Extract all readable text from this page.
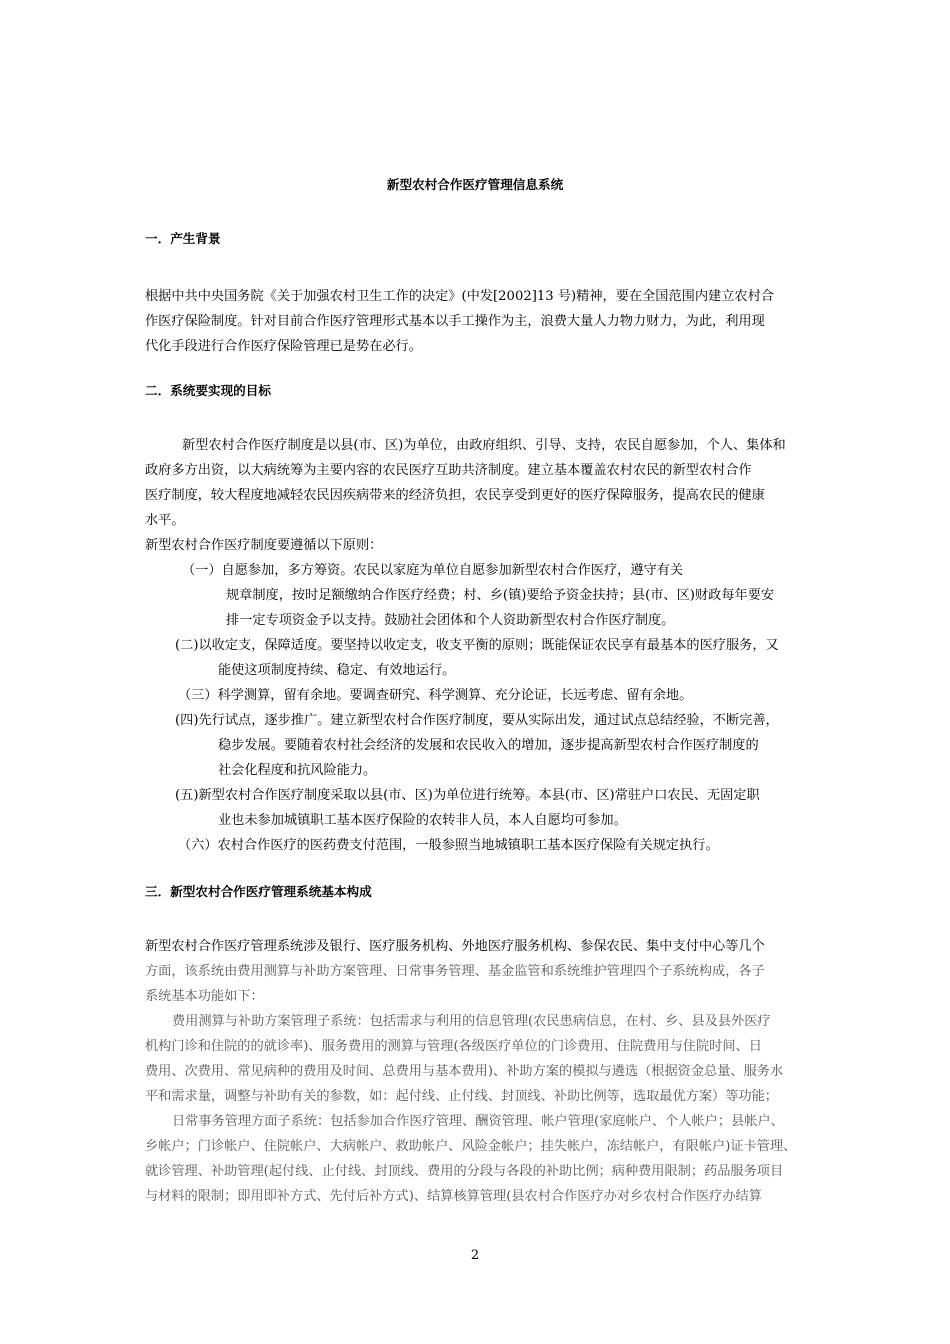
新型农村合作医疗管理信息系统
一．产生背景
根据中共中央国务院《关于加强农村卫生工作的决定》(中发[2002]13 号)精神，要在全国范围内建立农村合
作医疗保险制度。针对目前合作医疗管理形式基本以手工操作为主，浪费大量人力物力财力，为此，利用现
代化手段进行合作医疗保险管理已是势在必行。
二．系统要实现的目标
新型农村合作医疗制度是以县(市、区)为单位，由政府组织、引导、支持，农民自愿参加，个人、集体和
政府多方出资，以大病统筹为主要内容的农民医疗互助共济制度。建立基本覆盖农村农民的新型农村合作
医疗制度，较大程度地减轻农民因疾病带来的经济负担，农民享受到更好的医疗保障服务，提高农民的健康
水平。
新型农村合作医疗制度要遵循以下原则：
（一）自愿参加，多方筹资。农民以家庭为单位自愿参加新型农村合作医疗，遵守有关
规章制度，按时足额缴纳合作医疗经费；村、乡(镇)要给予资金扶持；县(市、区)财政每年要安
排一定专项资金予以支持。鼓励社会团体和个人资助新型农村合作医疗制度。
(二)以收定支，保障适度。要坚持以收定支，收支平衡的原则；既能保证农民享有最基本的医疗服务，又
能使这项制度持续、稳定、有效地运行。
（三）科学测算，留有余地。要调查研究、科学测算、充分论证，长远考虑、留有余地。
(四)先行试点，逐步推广。建立新型农村合作医疗制度，要从实际出发，通过试点总结经验，不断完善，
稳步发展。要随着农村社会经济的发展和农民收入的增加，逐步提高新型农村合作医疗制度的
社会化程度和抗风险能力。
(五)新型农村合作医疗制度采取以县(市、区)为单位进行统筹。本县(市、区)常驻户口农民、无固定职
业也未参加城镇职工基本医疗保险的农转非人员，本人自愿均可参加。
（六）农村合作医疗的医药费支付范围，一般参照当地城镇职工基本医疗保险有关规定执行。
三．新型农村合作医疗管理系统基本构成
新型农村合作医疗管理系统涉及银行、医疗服务机构、外地医疗服务机构、参保农民、集中支付中心等几个
方面，该系统由费用测算与补助方案管理、日常事务管理、基金监管和系统维护管理四个子系统构成，各子
系统基本功能如下：
费用测算与补助方案管理子系统：包括需求与利用的信息管理(农民患病信息，在村、乡、县及县外医疗
机构门诊和住院的的就诊率)、服务费用的测算与管理(各级医疗单位的门诊费用、住院费用与住院时间、日
费用、次费用、常见病种的费用及时间、总费用与基本费用)、补助方案的模拟与遴选（根据资金总量、服务水
平和需求量，调整与补助有关的参数，如：起付线、止付线、封顶线、补助比例等，选取最优方案）等功能；
日常事务管理方面子系统：包括参加合作医疗管理、酬资管理、帐户管理(家庭帐户、个人帐户；县帐户、
乡帐户；门诊帐户、住院帐户、大病帐户、救助帐户、风险金帐户；挂失帐户，冻结帐户，有限帐户)证卡管理、
就诊管理、补助管理(起付线、止付线、封顶线、费用的分段与各段的补助比例；病种费用限制；药品服务项目
与材料的限制；即用即补方式、先付后补方式)、结算核算管理(县农村合作医疗办对乡农村合作医疗办结算
2
